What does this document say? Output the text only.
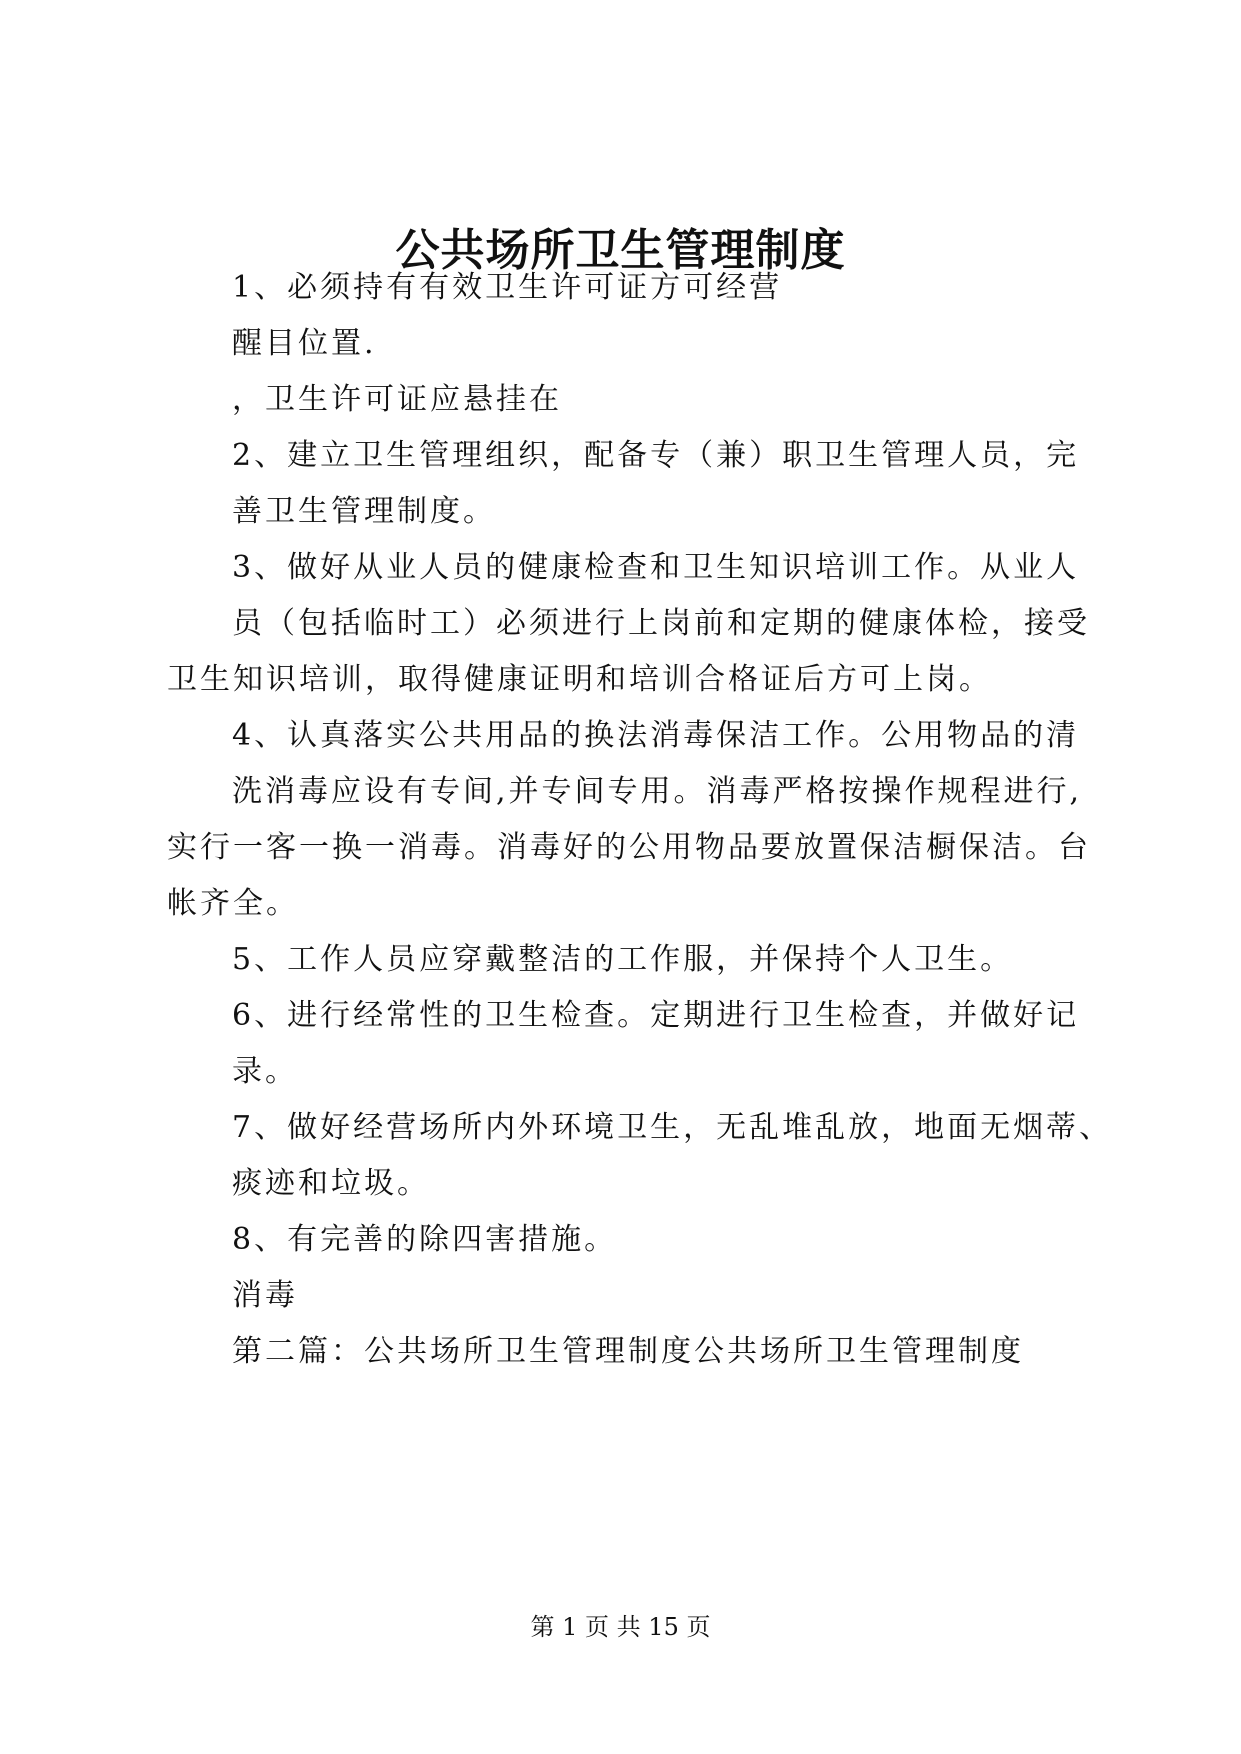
公共场所卫生管理制度
1、必须持有有效卫生许可证方可经营
醒目位置.
，卫生许可证应悬挂在
2、建立卫生管理组织，配备专（兼）职卫生管理人员，完
善卫生管理制度。
3、做好从业人员的健康检查和卫生知识培训工作。从业人
员（包括临时工）必须进行上岗前和定期的健康体检，接受
卫生知识培训，取得健康证明和培训合格证后方可上岗。
4、认真落实公共用品的换法消毒保洁工作。公用物品的清
洗消毒应设有专间,并专间专用。消毒严格按操作规程进行,
实行一客一换一消毒。消毒好的公用物品要放置保洁橱保洁。台
帐齐全。
5、工作人员应穿戴整洁的工作服，并保持个人卫生。
6、进行经常性的卫生检查。定期进行卫生检查，并做好记
录。
7、做好经营场所内外环境卫生，无乱堆乱放，地面无烟蒂、
痰迹和垃圾。
8、有完善的除四害措施。
消毒
第二篇：公共场所卫生管理制度公共场所卫生管理制度
第 1 页 共 15 页
